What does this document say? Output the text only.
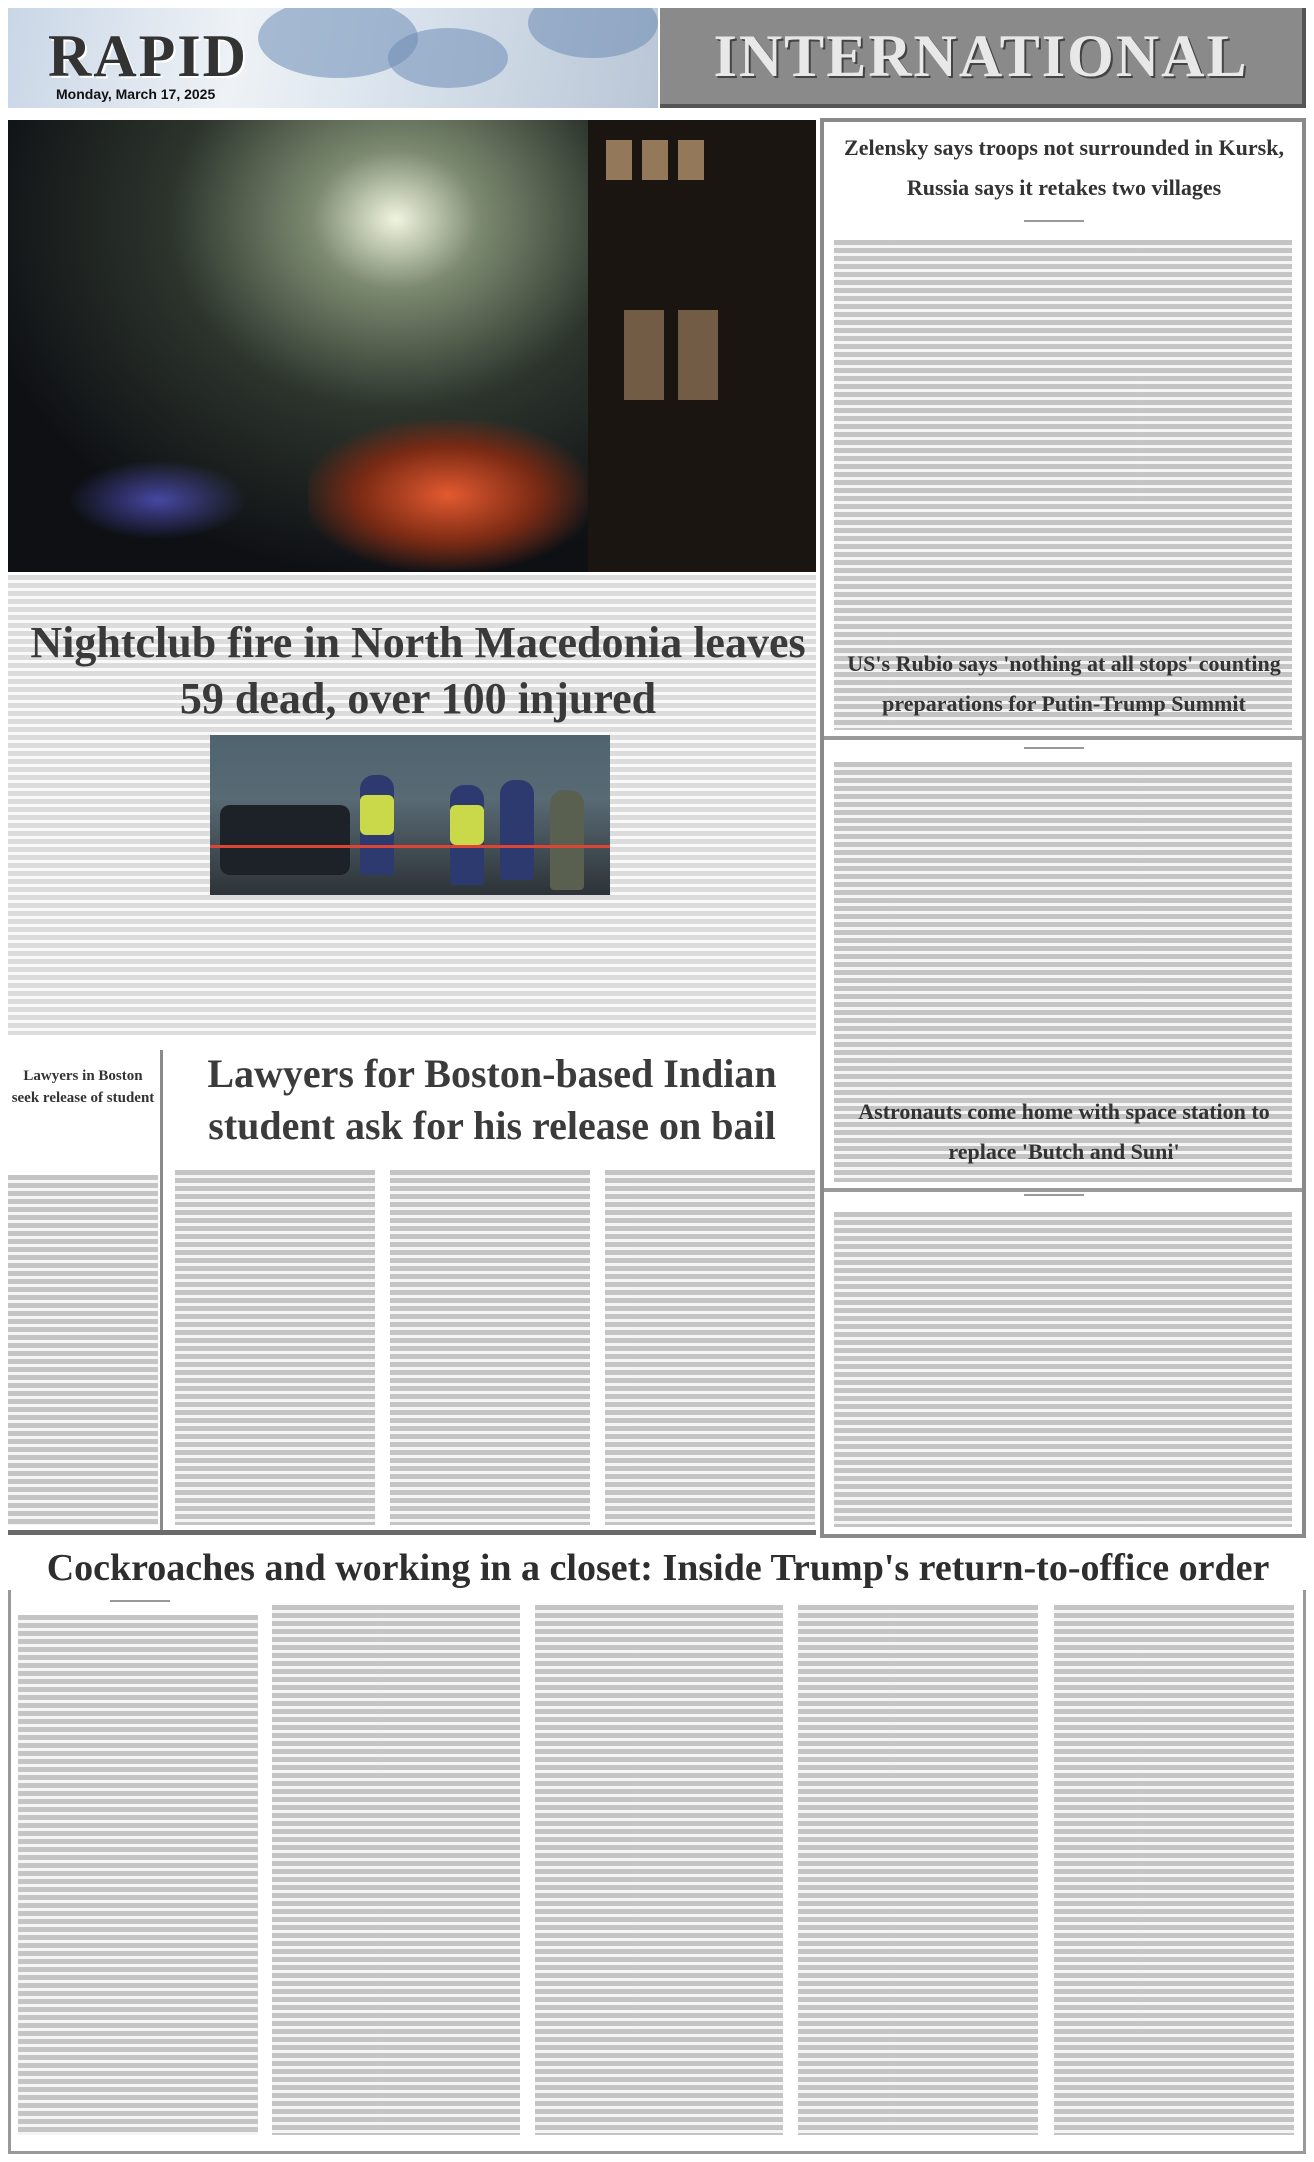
RAPID
Monday, March 17, 2025
INTERNATIONAL
Nightclub fire in North Macedonia leaves 59 dead, over 100 injured
Zelensky says troops not surrounded in Kursk, Russia says it retakes two villages
US's Rubio says 'nothing at all stops' counting preparations for Putin-Trump Summit
Astronauts come home with space station to replace 'Butch and Suni'
Lawyers in Boston seek release of student
Lawyers for Boston-based Indian student ask for his release on bail
Cockroaches and working in a closet: Inside Trump's return-to-office order
